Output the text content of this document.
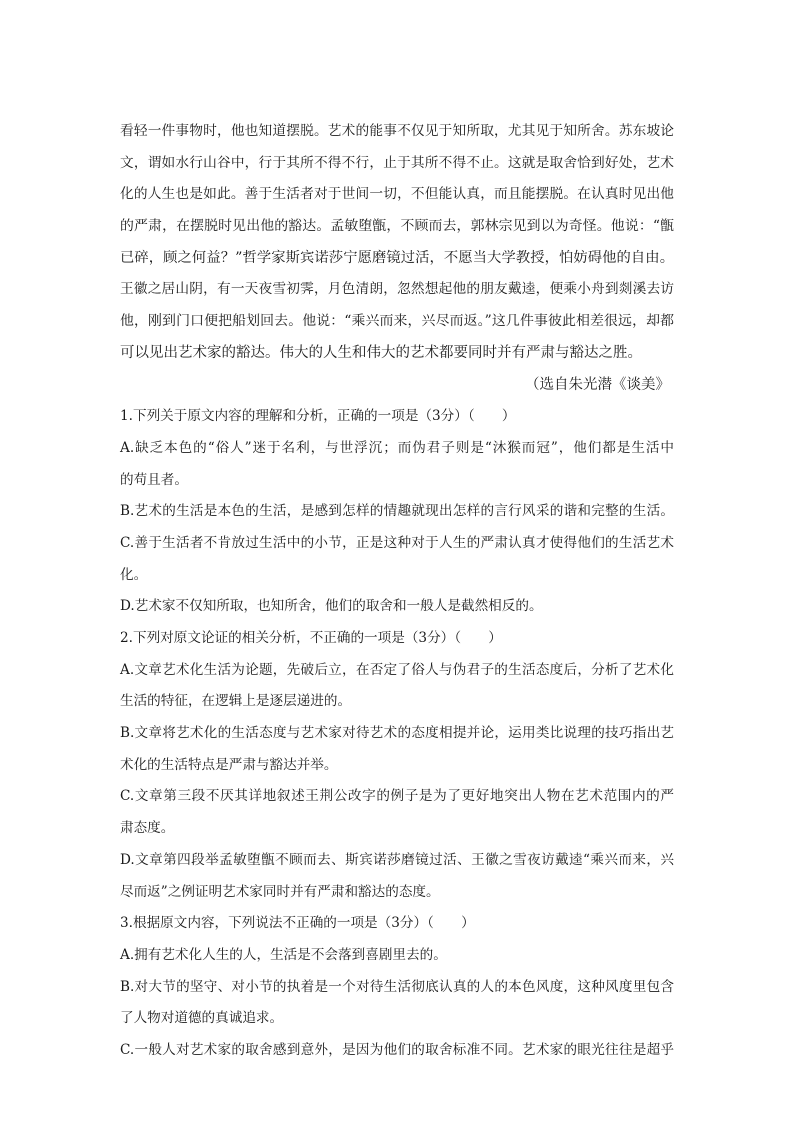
看轻一件事物时，他也知道摆脱。艺术的能事不仅见于知所取，尤其见于知所舍。苏东坡论
文，谓如水行山谷中，行于其所不得不行，止于其所不得不止。这就是取舍恰到好处，艺术
化的人生也是如此。善于生活者对于世间一切，不但能认真，而且能摆脱。在认真时见出他
的严肃，在摆脱时见出他的豁达。孟敏堕甑，不顾而去，郭林宗见到以为奇怪。他说：“甑
已碎，顾之何益？”哲学家斯宾诺莎宁愿磨镜过活，不愿当大学教授，怕妨碍他的自由。
王徽之居山阴，有一天夜雪初霁，月色清朗，忽然想起他的朋友戴逵，便乘小舟到剡溪去访
他，刚到门口便把船划回去。他说：“乘兴而来，兴尽而返。”这几件事彼此相差很远，却都
可以见出艺术家的豁达。伟大的人生和伟大的艺术都要同时并有严肃与豁达之胜。
（选自朱光潜《谈美》
1.下列关于原文内容的理解和分析，正确的一项是（3分）（　　）
A.缺乏本色的“俗人”迷于名利，与世浮沉；而伪君子则是“沐猴而冠”，他们都是生活中
的苟且者。
B.艺术的生活是本色的生活，是感到怎样的情趣就现出怎样的言行风采的谐和完整的生活。
C.善于生活者不肯放过生活中的小节，正是这种对于人生的严肃认真才使得他们的生活艺术
化。
D.艺术家不仅知所取，也知所舍，他们的取舍和一般人是截然相反的。
2.下列对原文论证的相关分析，不正确的一项是（3分）（　　）
A.文章艺术化生活为论题，先破后立，在否定了俗人与伪君子的生活态度后，分析了艺术化
生活的特征，在逻辑上是逐层递进的。
B.文章将艺术化的生活态度与艺术家对待艺术的态度相提并论，运用类比说理的技巧指出艺
术化的生活特点是严肃与豁达并举。
C.文章第三段不厌其详地叙述王荆公改字的例子是为了更好地突出人物在艺术范围内的严
肃态度。
D.文章第四段举孟敏堕甑不顾而去、斯宾诺莎磨镜过活、王徽之雪夜访戴逵“乘兴而来，兴
尽而返”之例证明艺术家同时并有严肃和豁达的态度。
3.根据原文内容，下列说法不正确的一项是（3分）（　　）
A.拥有艺术化人生的人，生活是不会落到喜剧里去的。
B.对大节的坚守、对小节的执着是一个对待生活彻底认真的人的本色风度，这种风度里包含
了人物对道德的真诚追求。
C.一般人对艺术家的取舍感到意外，是因为他们的取舍标准不同。艺术家的眼光往往是超乎
